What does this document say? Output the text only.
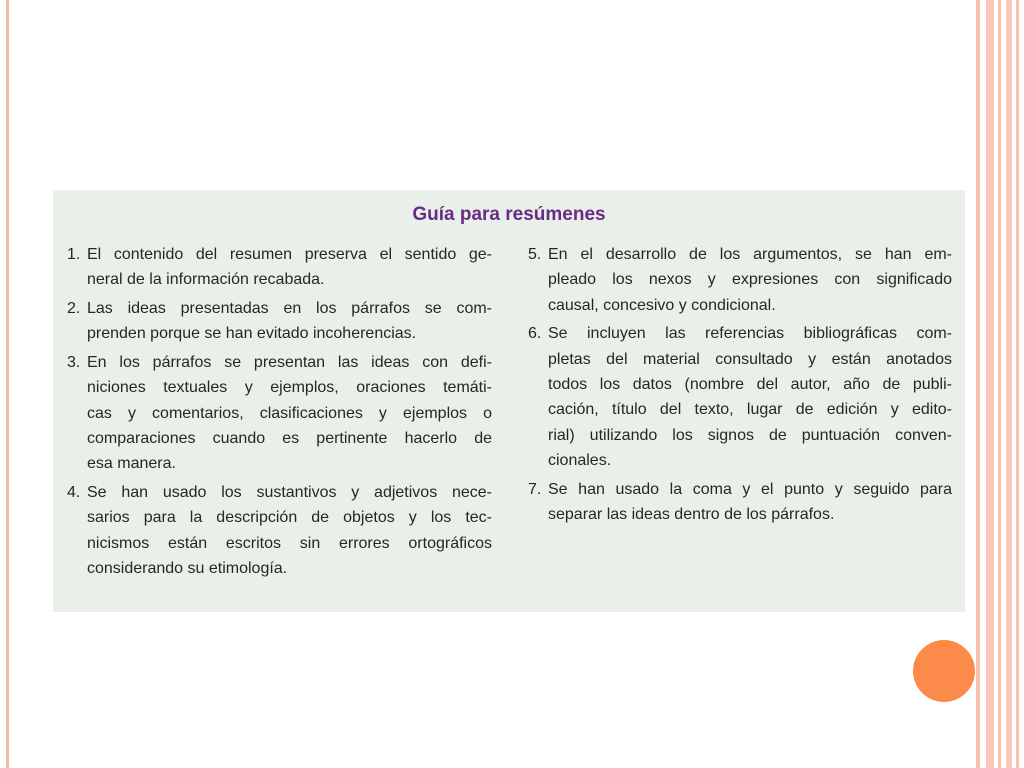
Guía para resúmenes
1. El contenido del resumen preserva el sentido ge-
neral de la información recabada.
2. Las ideas presentadas en los párrafos se com-
prenden porque se han evitado incoherencias.
3. En los párrafos se presentan las ideas con defi-
niciones textuales y ejemplos, oraciones temáti-
cas y comentarios, clasificaciones y ejemplos o
comparaciones cuando es pertinente hacerlo de
esa manera.
4. Se han usado los sustantivos y adjetivos nece-
sarios para la descripción de objetos y los tec-
nicismos están escritos sin errores ortográficos
considerando su etimología.
5. En el desarrollo de los argumentos, se han em-
pleado los nexos y expresiones con significado
causal, concesivo y condicional.
6. Se incluyen las referencias bibliográficas com-
pletas del material consultado y están anotados
todos los datos (nombre del autor, año de publi-
cación, título del texto, lugar de edición y edito-
rial) utilizando los signos de puntuación conven-
cionales.
7. Se han usado la coma y el punto y seguido para
separar las ideas dentro de los párrafos.
